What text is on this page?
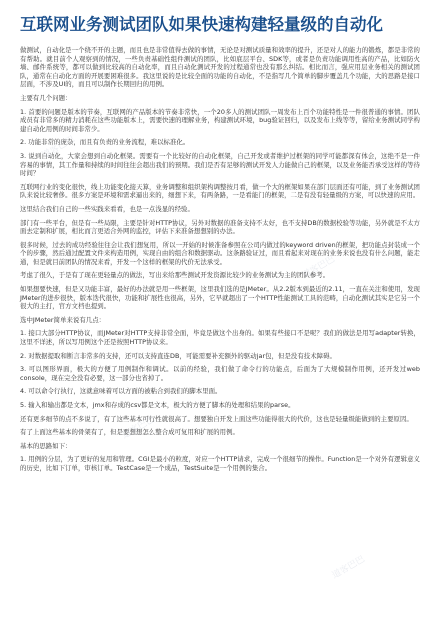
互联网业务测试团队如果快速构建轻量级的自动化

做测试，自动化是一个绕不开的主题，而且也是非常值得去做的事情，无论是对测试质量和效率的提升，还是对人的能力的锻炼，都是非常的有帮助。就目前个人观察到的情况，一些负责基础性组件测试的团队，比如底层平台、SDK等，或者是负责功能调用性高的产品，比如防火墙、邮件系统等，都可以做到比较高的自动化率，而且自动化测试开发的过程通常也没有那么纠结。相比而言，强应用层业务相关的测试团队，通常在自动化方面的开展要困难很多。我这里说的是比较全面的功能的自动化，不是指写几个简单的脚步覆盖几个功能，大的思路是接口层面，不涉及UI的，而且可以制作长期回归的用例。

主要有几个问题：

1. 首要的问题是版本的节奏，互联网的产品版本的节奏非常快，一个20多人的测试团队一周发布上百个功能特性是一件很普通的事情。团队成员有非常多的精力消耗在这些功能版本上，需要快速的理解业务，构建测试环境，bug验证回归，以及发布上线等等，留给业务测试同学构建自动化用例的时间非常少。

2. 功能非常的庞杂，而且有负责的业务流程，难以标准化。

3. 说到自动化，大家会想到自动化框架。需要有一个比较好的自动化框架，自己开发或者维护过框架的同学可能都深有体会，这绝不是一件容易的事情，其工作量和持续的时间往往会超出我们的预期。我们是否有足够的测试开发人力能做自己的框架，以及业务能否承受这样的等待时间？

互联网行业的变化很快，线上功能变化接天算，业务调整和组织架构调整按月看，做一个大的框架如果在部门层面还有可能，到了业务测试团队来说比较奢侈。很多方案是环境和需求逼出来的，细想下来，有两条路，一是看能门的框架，二是有没有轻量级的方案，可以快速的应用。

这里结合我们自己的一些实践来看看，也是一点浅显的经验。

部门有一些平台，但是有一些局限，主要是针对HTTP协议，另外对数据的准备支持不太好，也不支持DB的数据校验等功能，另外就是不太方面去定制和扩展，相比而言更适合外网的监控，评估下来准备想想别的办法。

很多时候，过去的成功经验往往会让我们想复用，所以一开始的时候准备参照在公司内做过的keyword driven的框架，把功能点封装成一个个的步骤，然后通过配置文件来构造用例，实现自由的组合和数据驱动。这条路验证过，而且看起来对现在的业务来说也没有什么问题，能走通，但是就目前团队的情况来看，开发一个这样的框架的代价无法承受。

考虑了很久，于是有了现在更轻量点的做法，写出来给那些测试开发资源比较少的业务测试为主的团队参考。

如果想要快速，但是又功能丰富，最好的办法就是用一些框架，这里我们选的是JMeter。从2.2版本到最近的2.11，一直在关注和使用，发现JMeter的进步很快，版本迭代很快，功能和扩展性也很高，另外，它早就超出了一个HTTP性能测试工具的范畴，自动化测试其实是它另一个很大的主打，官方文档也提到。

选中JMeter简单来说有几点：

1. 接口大部分HTTP协议，而JMeter对HTTP支持非常全面，毕竟是做这个出身的。如果有些接口不是呢？我们的做法是用写adapter转换，这里不详述，所以写用例这个还是按照HTTP协议来。

2. 对数据提取和断言非常多的支持，还可以支持直连DB，可能需要补充额外的驱动jar包，但是没有技术障碍。

3. 可以图形界面，极大的方便了用例制作和调试。以前的经验，我们做了命令行的功能点，后面为了大规模制作用例，还开发过web console，现在完全没有必要，这一部分也省掉了。

4. 可以命令行执行，这就意味着可以方面的被粘合到我们的脚本里面。

5. 输入和输出都是文本，jmx和存成的csv都是文本，极大的方便了脚本的处理和结果的parse。

还有更多细节的点不多说了，有了这些基本可行性就很高了。想要独自开发上面这些功能得很大的代价，这也是轻量级能做到的主要原因。

有了上面这些基本的骨架有了，但是要想想怎么整合成可复用和扩展的用例。

基本的思路如下：

1. 用例的分层，为了更好的复用和管理。CGI是最小的粒度，对应一个HTTP请求，完成一个很细节的操作。Function是一个对外有逻辑意义的历史，比如下订单，审核订单。TestCase是一个成品，TestSuite是一个用例的集合。

道客巴巴
道客巴巴
道客巴巴
道客巴巴
